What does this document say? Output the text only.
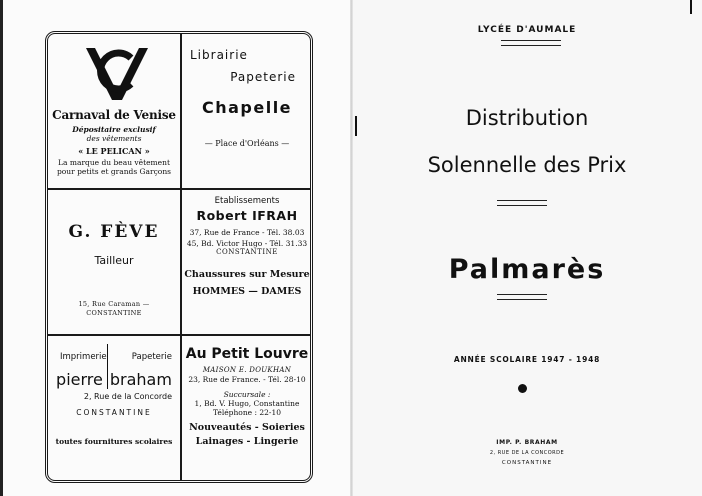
Carnaval de Venise
Dépositaire exclusif
des vêtements
« LE PELICAN »
La marque du beau vêtement
pour petits et grands Garçons
Librairie
Papeterie
Chapelle
— Place d'Orléans —
G. FÈVE
Tailleur
15, Rue Caraman — CONSTANTINE
Etablissements
Robert IFRAH
37, Rue de France - Tél. 38.03
45, Bd. Victor Hugo - Tél. 31.33
CONSTANTINE
Chaussures sur Mesure
HOMMES — DAMES
Imprimerie	Papeterie
pierre braham
2, Rue de la Concorde
CONSTANTINE
toutes fournitures scolaires
Au Petit Louvre
MAISON E. DOUKHAN
23, Rue de France. - Tél. 28-10
Succursale :
1, Bd. V. Hugo, Constantine
Téléphone : 22-10
Nouveautés - Soieries
Lainages - Lingerie
LYCÉE D'AUMALE
Distribution
Solennelle des Prix
Palmarès
ANNÉE SCOLAIRE 1947 - 1948
IMP. P. BRAHAM
2, RUE DE LA CONCORDE
CONSTANTINE
